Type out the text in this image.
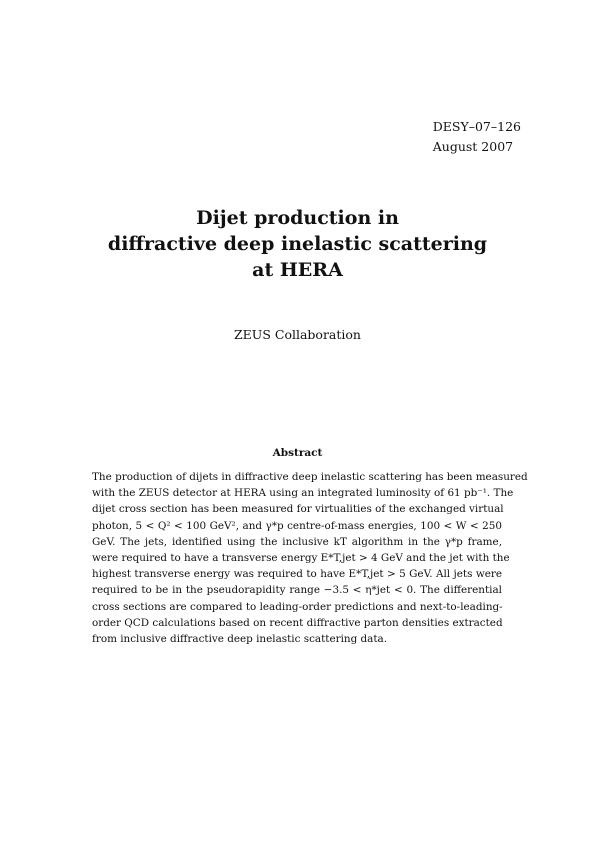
DESY–07–126
August 2007
Dijet production in
diffractive deep inelastic scattering
at HERA
ZEUS Collaboration
Abstract
The production of dijets in diffractive deep inelastic scattering has been measured
with the ZEUS detector at HERA using an integrated luminosity of 61 pb⁻¹. The
dijet cross section has been measured for virtualities of the exchanged virtual
photon, 5 < Q² < 100 GeV², and γ*p centre-of-mass energies, 100 < W < 250
GeV. The jets, identified using the inclusive kT algorithm in the γ*p frame,
were required to have a transverse energy E*T,jet > 4 GeV and the jet with the
highest transverse energy was required to have E*T,jet > 5 GeV. All jets were
required to be in the pseudorapidity range −3.5 < η*jet < 0. The differential
cross sections are compared to leading-order predictions and next-to-leading-
order QCD calculations based on recent diffractive parton densities extracted
from inclusive diffractive deep inelastic scattering data.
